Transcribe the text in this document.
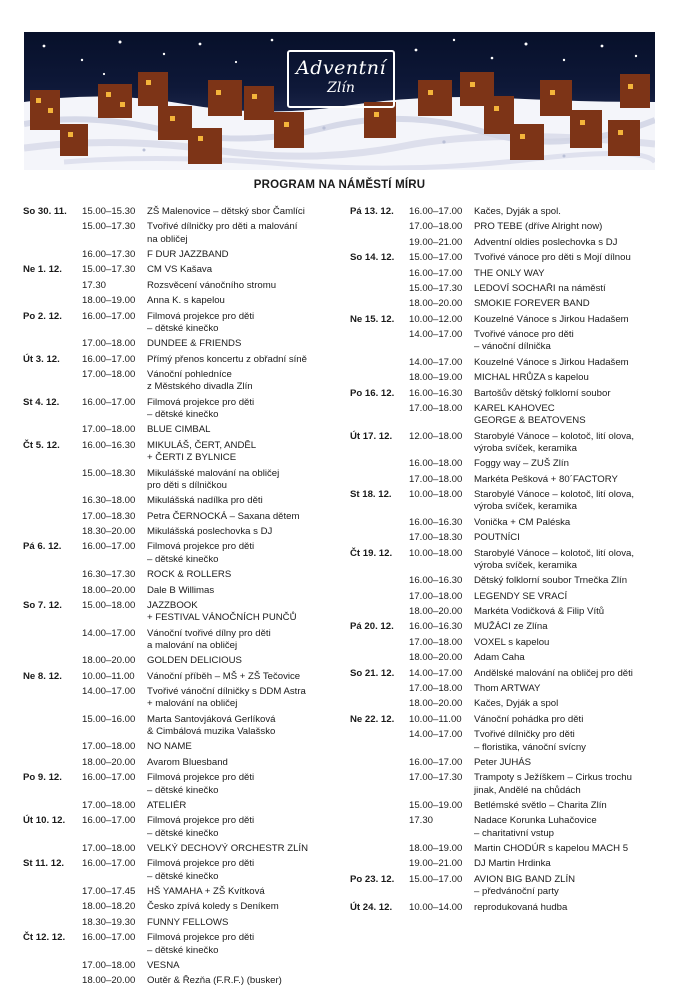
Adventní
Zlín
PROGRAM NA NÁMĚSTÍ MÍRU
So 30. 11.	15.00–15.30	ZŠ Malenovice – dětský sbor Čamlíci
15.00–17.30	Tvořivé dílničky pro děti a malování
na obličej
16.00–17.30	F DUR JAZZBAND
Ne 1. 12.	15.00–17.30	CM VS Kašava
17.30	Rozsvěcení vánočního stromu
18.00–19.00	Anna K. s kapelou
Po 2. 12.	16.00–17.00	Filmová projekce pro děti
– dětské kinečko
17.00–18.00	DUNDEE & FRIENDS
Út 3. 12.	16.00–17.00	Přímý přenos koncertu z obřadní síně
17.00–18.00	Vánoční pohledníce
z Městského divadla Zlín
St 4. 12.	16.00–17.00	Filmová projekce pro děti
– dětské kinečko
17.00–18.00	BLUE CIMBAL
Čt 5. 12.	16.00–16.30	MIKULÁŠ, ČERT, ANDĚL
+ ČERTI Z BYLNICE
15.00–18.30	Mikulášské malování na obličej
pro děti s dílničkou
16.30–18.00	Mikulášská nadílka pro děti
17.00–18.30	Petra ČERNOCKÁ – Saxana dětem
18.30–20.00	Mikulášská poslechovka s DJ
Pá 6. 12.	16.00–17.00	Filmová projekce pro děti
– dětské kinečko
16.30–17.30	ROCK & ROLLERS
18.00–20.00	Dale B Willimas
So 7. 12.	15.00–18.00	JAZZBOOK
+ FESTIVAL VÁNOČNÍCH PUNČŮ
14.00–17.00	Vánoční tvořivé dílny pro děti
a malování na obličej
18.00–20.00	GOLDEN DELICIOUS
Ne 8. 12.	10.00–11.00	Vánoční příběh – MŠ + ZŠ Tečovice
14.00–17.00	Tvořivé vánoční dílničky s DDM Astra
+ malování na obličej
15.00–16.00	Marta Santovjáková Gerlíková
& Cimbálová muzika Valašsko
17.00–18.00	NO NAME
18.00–20.00	Avarom Bluesband
Po 9. 12.	16.00–17.00	Filmová projekce pro děti
– dětské kinečko
17.00–18.00	ATELIÉR
Út 10. 12.	16.00–17.00	Filmová projekce pro děti
– dětské kinečko
17.00–18.00	VELKÝ DECHOVÝ ORCHESTR ZLÍN
St 11. 12.	16.00–17.00	Filmová projekce pro děti
– dětské kinečko
17.00–17.45	HŠ YAMAHA + ZŠ Kvítková
18.00–18.20	Česko zpívá koledy s Deníkem
18.30–19.30	FUNNY FELLOWS
Čt 12. 12.	16.00–17.00	Filmová projekce pro děti
– dětské kinečko
17.00–18.00	VESNA
18.00–20.00	Outěr & Řezňa (F.R.F.) (busker)
Pá 13. 12.	16.00–17.00	Kačes, Dyják a spol.
17.00–18.00	PRO TEBE (dříve Alright now)
19.00–21.00	Adventní oldies poslechovka s DJ
So 14. 12.	15.00–17.00	Tvořivé vánoce pro děti s Mojí dílnou
16.00–17.00	THE ONLY WAY
15.00–17.30	LEDOVÍ SOCHAŘI na náměstí
18.00–20.00	SMOKIE FOREVER BAND
Ne 15. 12.	10.00–12.00	Kouzelné Vánoce s Jirkou Hadašem
14.00–17.00	Tvořivé vánoce pro děti
– vánoční dílnička
14.00–17.00	Kouzelné Vánoce s Jirkou Hadašem
18.00–19.00	MICHAL HRŮZA s kapelou
Po 16. 12.	16.00–16.30	Bartošův dětský folklorní soubor
17.00–18.00	KAREL KAHOVEC
GEORGE & BEATOVENS
Út 17. 12.	12.00–18.00	Starobylé Vánoce – kolotoč, lití olova,
výroba svíček, keramika
16.00–18.00	Foggy way – ZUŠ Zlín
17.00–18.00	Markéta Pešková + 80´FACTORY
St 18. 12.	10.00–18.00	Starobylé Vánoce – kolotoč, lití olova,
výroba svíček, keramika
16.00–16.30	Vonička + CM Paléska
17.00–18.30	POUTNÍCI
Čt 19. 12.	10.00–18.00	Starobylé Vánoce – kolotoč, lití olova,
výroba svíček, keramika
16.00–16.30	Dětský folklorní soubor Trnečka Zlín
17.00–18.00	LEGENDY SE VRACÍ
18.00–20.00	Markéta Vodičková & Filip Vítů
Pá 20. 12.	16.00–16.30	MUŽÁCI ze Zlína
17.00–18.00	VOXEL s kapelou
18.00–20.00	Adam Caha
So 21. 12.	14.00–17.00	Andělské malování na obličej pro děti
17.00–18.00	Thom ARTWAY
18.00–20.00	Kačes, Dyják a spol
Ne 22. 12.	10.00–11.00	Vánoční pohádka pro děti
14.00–17.00	Tvořivé dílničky pro děti
– floristika, vánoční svícny
16.00–17.00	Peter JUHÁS
17.00–17.30	Trampoty s Ježíškem – Cirkus trochu
jinak, Andělé na chůdách
15.00–19.00	Betlémské světlo – Charita Zlín
17.30	Nadace Korunka Luhačovice
– charitativní vstup
18.00–19.00	Martin CHODÚR s kapelou MACH 5
19.00–21.00	DJ Martin Hrdinka
Po 23. 12.	15.00–17.00	AVION BIG BAND ZLÍN
– předvánoční party
Út 24. 12.	10.00–14.00	reprodukovaná hudba
